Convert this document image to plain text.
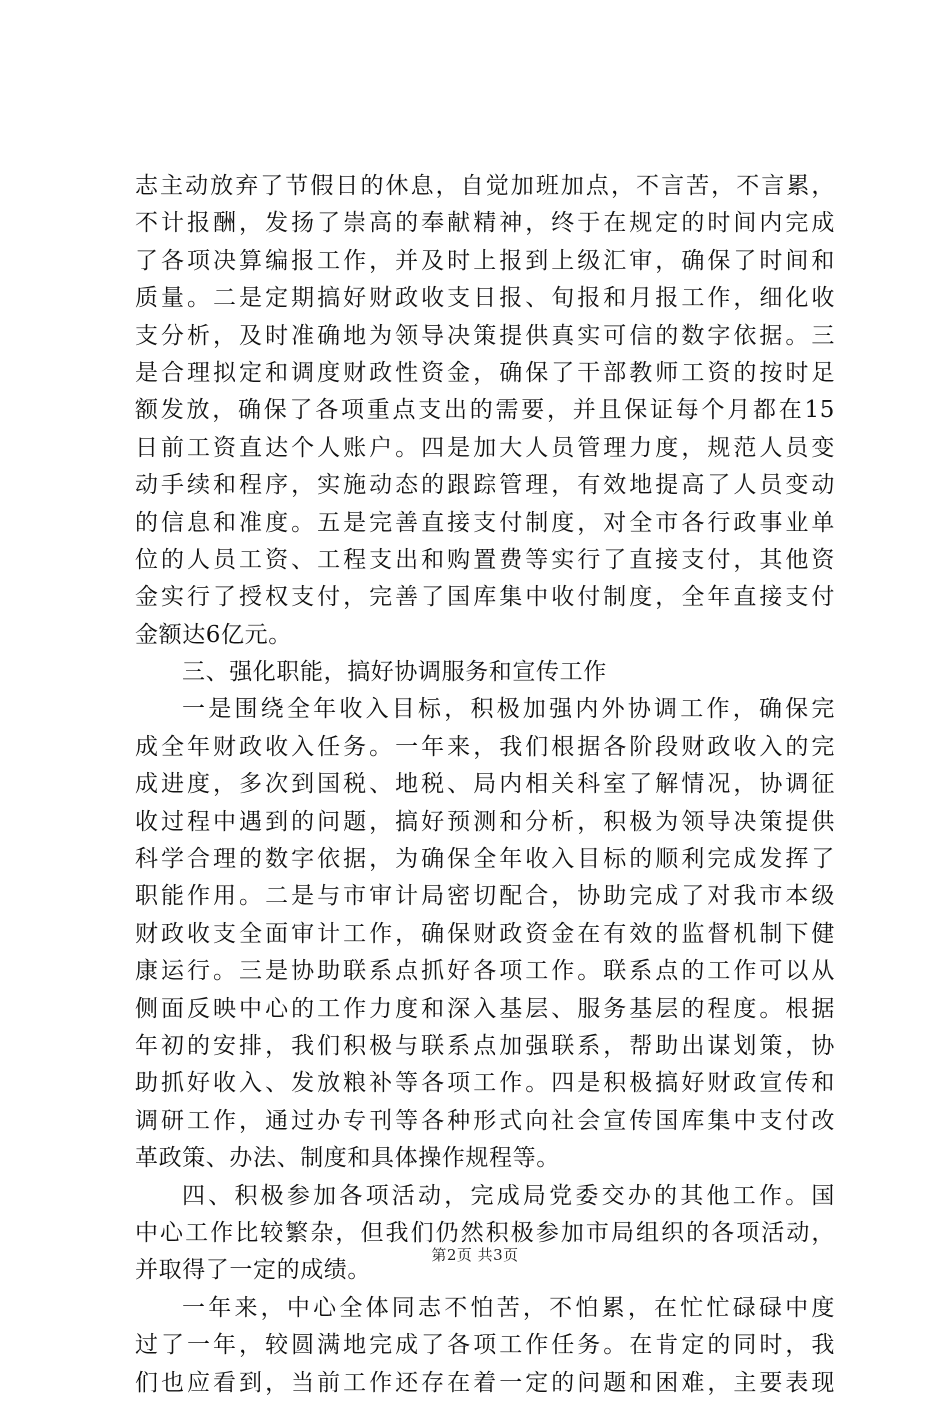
志主动放弃了节假日的休息，自觉加班加点，不言苦，不言累，
不计报酬，发扬了崇高的奉献精神，终于在规定的时间内完成
了各项决算编报工作，并及时上报到上级汇审，确保了时间和
质量。二是定期搞好财政收支日报、旬报和月报工作，细化收
支分析，及时准确地为领导决策提供真实可信的数字依据。三
是合理拟定和调度财政性资金，确保了干部教师工资的按时足
额发放，确保了各项重点支出的需要，并且保证每个月都在15
日前工资直达个人账户。四是加大人员管理力度，规范人员变
动手续和程序，实施动态的跟踪管理，有效地提高了人员变动
的信息和准度。五是完善直接支付制度，对全市各行政事业单
位的人员工资、工程支出和购置费等实行了直接支付，其他资
金实行了授权支付，完善了国库集中收付制度，全年直接支付
金额达6亿元。
三、强化职能，搞好协调服务和宣传工作
一是围绕全年收入目标，积极加强内外协调工作，确保完
成全年财政收入任务。一年来，我们根据各阶段财政收入的完
成进度，多次到国税、地税、局内相关科室了解情况，协调征
收过程中遇到的问题，搞好预测和分析，积极为领导决策提供
科学合理的数字依据，为确保全年收入目标的顺利完成发挥了
职能作用。二是与市审计局密切配合，协助完成了对我市本级
财政收支全面审计工作，确保财政资金在有效的监督机制下健
康运行。三是协助联系点抓好各项工作。联系点的工作可以从
侧面反映中心的工作力度和深入基层、服务基层的程度。根据
年初的安排，我们积极与联系点加强联系，帮助出谋划策，协
助抓好收入、发放粮补等各项工作。四是积极搞好财政宣传和
调研工作，通过办专刊等各种形式向社会宣传国库集中支付改
革政策、办法、制度和具体操作规程等。
四、积极参加各项活动，完成局党委交办的其他工作。国
中心工作比较繁杂，但我们仍然积极参加市局组织的各项活动，
并取得了一定的成绩。
一年来，中心全体同志不怕苦，不怕累，在忙忙碌碌中度
过了一年，较圆满地完成了各项工作任务。在肯定的同时，我
们也应看到，当前工作还存在着一定的问题和困难，主要表现
第2页 共3页
